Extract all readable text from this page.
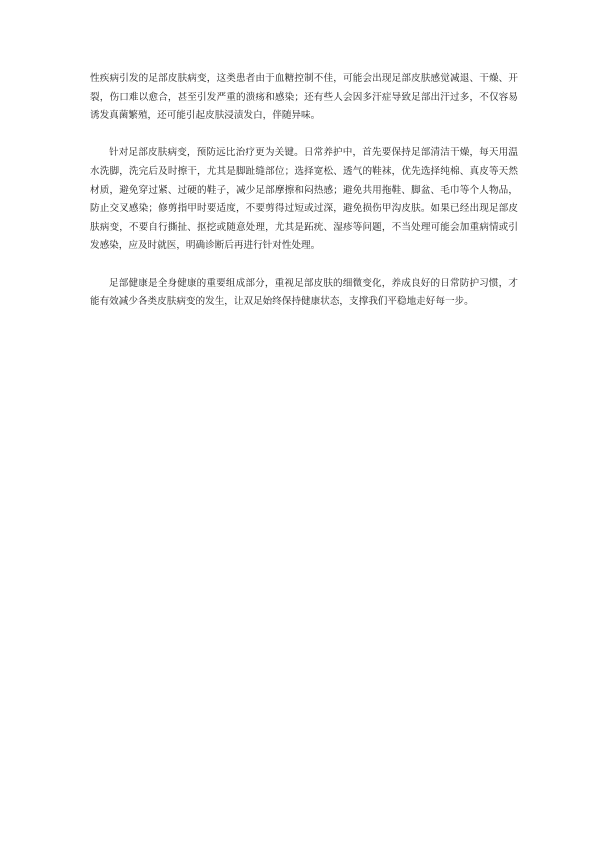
性疾病引发的足部皮肤病变，这类患者由于血糖控制不佳，可能会出现足部皮肤感觉减退、干燥、开裂，伤口难以愈合，甚至引发严重的溃疡和感染；还有些人会因多汗症导致足部出汗过多，不仅容易诱发真菌繁殖，还可能引起皮肤浸渍发白，伴随异味。

针对足部皮肤病变，预防远比治疗更为关键。日常养护中，首先要保持足部清洁干燥，每天用温水洗脚，洗完后及时擦干，尤其是脚趾缝部位；选择宽松、透气的鞋袜，优先选择纯棉、真皮等天然材质，避免穿过紧、过硬的鞋子，减少足部摩擦和闷热感；避免共用拖鞋、脚盆、毛巾等个人物品，防止交叉感染；修剪指甲时要适度，不要剪得过短或过深，避免损伤甲沟皮肤。如果已经出现足部皮肤病变，不要自行撕扯、抠挖或随意处理，尤其是跖疣、湿疹等问题，不当处理可能会加重病情或引发感染，应及时就医，明确诊断后再进行针对性处理。

足部健康是全身健康的重要组成部分，重视足部皮肤的细微变化，养成良好的日常防护习惯，才能有效减少各类皮肤病变的发生，让双足始终保持健康状态，支撑我们平稳地走好每一步。
